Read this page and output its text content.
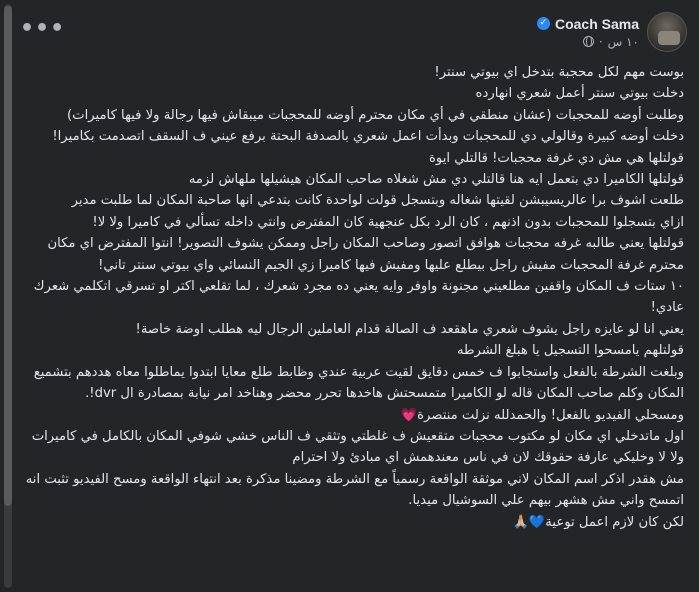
•••	Coach Sama
✓
١٠ س
·

بوست مهم لكل محجبة بتدخل اي بيوتي سنتر!

دخلت بيوتي سنتر أعمل شعري انهارده

وطلبت أوضه للمحجبات (عشان منطقي في أي مكان محترم أوضه للمحجبات ميبقاش فيها رجالة ولا فيها كاميرات)

دخلت أوضه كبيرة وقالولي دي للمحجبات وبدأت اعمل شعري بالصدفة البحتة برفع عيني ف السقف اتصدمت بكاميرا!

قولتلها هي مش دي غرفة محجبات! قالتلي ايوة

قولتلها الكاميرا دي بتعمل ايه هنا قالتلي دي مش شغلاه صاحب المكان هيشيلها ملهاش لزمه

طلعت اشوف برا عالريسيبشن لقيتها شغاله وبتسجل قولت لواحدة كانت بتدعي انها صاحبة المكان لما طلبت مدير

ازاي بتسجلوا للمحجبات بدون اذنهم ، كان الرد بكل عنجهية كان المفترض وانتي داخله تسألي في كاميرا ولا لا!

قولتلها يعني طالبه غرفه محجبات هوافق اتصور وصاحب المكان راجل وممكن يشوف التصوير! انتوا المفترض اي مكان محترم غرفة المحجبات مفيش راجل بيطلع عليها ومفيش فيها كاميرا زي الجيم النسائي واي بيوتي سنتر تاني!

١٠ ستات ف المكان واقفين مطلعيني مجنونة واوفر وايه يعني ده مجرد شعرك ، لما تقلعي اكتر او تسرقي اتكلمي شعرك عادي!

يعني انا لو عايزه راجل يشوف شعري ماهقعد ف الصالة قدام العاملين الرجال ليه هطلب اوضة خاصة!

قولتلهم يامسحوا التسجيل يا هبلغ الشرطه

وبلغت الشرطة بالفعل واستجابوا ف خمس دقايق لقيت عربية عندي وظابط طلع معايا ابتدوا يماطلوا معاه هددهم بتشميع المكان وكلم صاحب المكان قاله لو الكاميرا متمسحتش هاخدها تحرر محضر وهناخد امر نيابة بمصادرة ال dvr!.

ومسحلي الفيديو بالفعل! والحمدلله نزلت منتصرة💗

اول ماتدخلي اي مكان لو مكتوب محجبات متقعيش ف غلطتي وتثقي ف الناس خشي شوفي المكان بالكامل في كاميرات ولا لا وخليكي عارفة حقوقك لان في ناس معندهمش اي مبادئ ولا احترام

مش هقدر اذكر اسم المكان لاني موثقة الواقعة رسمياً مع الشرطة ومضينا مذكرة بعد انتهاء الواقعة ومسح الفيديو تثبت انه اتمسح واني مش هشهر بيهم علي السوشيال ميديا.

لكن كان لازم اعمل توعية💙🙏🏼
